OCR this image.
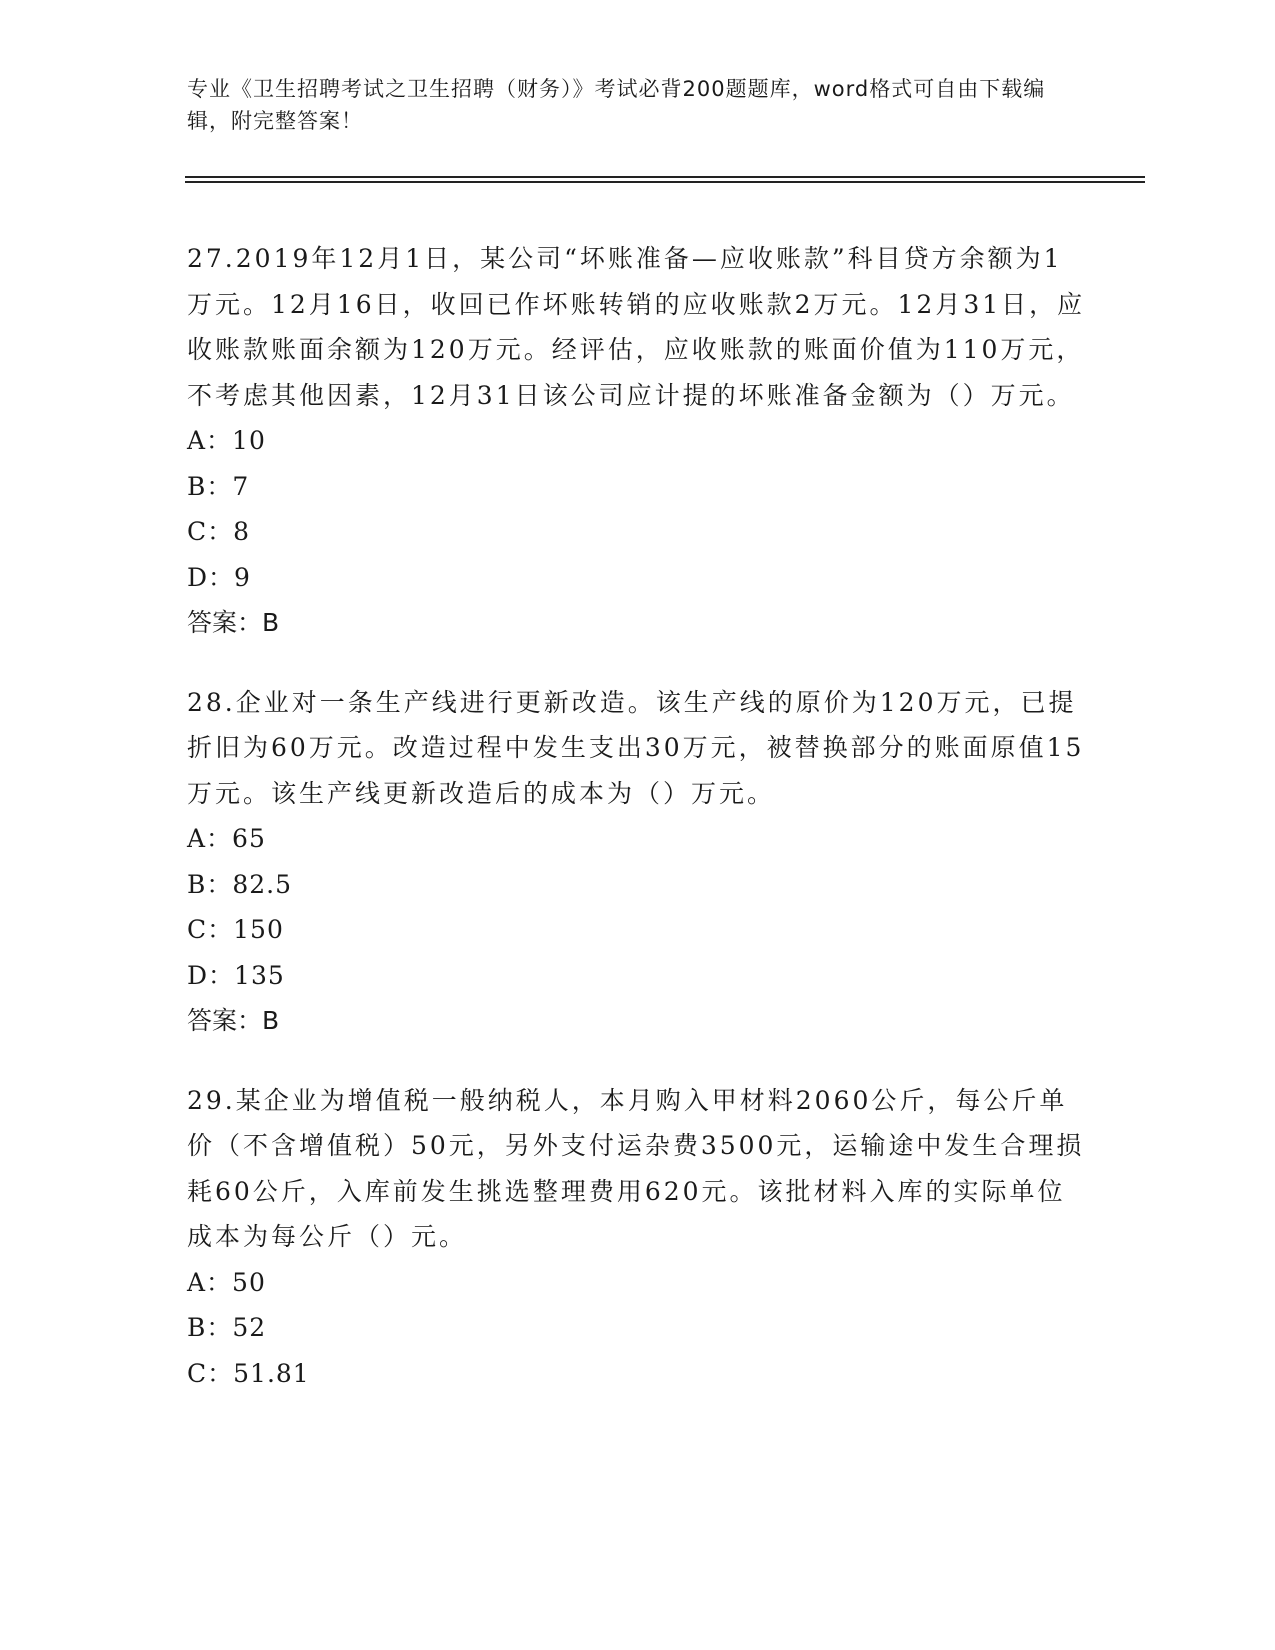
专业《卫生招聘考试之卫生招聘（财务）》考试必背200题题库，word格式可自由下载编辑，附完整答案！

27.2019年12月1日，某公司“坏账准备—应收账款”科目贷方余额为1万元。12月16日，收回已作坏账转销的应收账款2万元。12月31日，应收账款账面余额为120万元。经评估，应收账款的账面价值为110万元，不考虑其他因素，12月31日该公司应计提的坏账准备金额为（）万元。

A：10

B：7

C：8

D：9

答案：B

28.企业对一条生产线进行更新改造。该生产线的原价为120万元，已提折旧为60万元。改造过程中发生支出30万元，被替换部分的账面原值15万元。该生产线更新改造后的成本为（）万元。

A：65

B：82.5

C：150

D：135

答案：B

29.某企业为增值税一般纳税人，本月购入甲材料2060公斤，每公斤单价（不含增值税）50元，另外支付运杂费3500元，运输途中发生合理损耗60公斤，入库前发生挑选整理费用620元。该批材料入库的实际单位成本为每公斤（）元。

A：50

B：52

C：51.81
